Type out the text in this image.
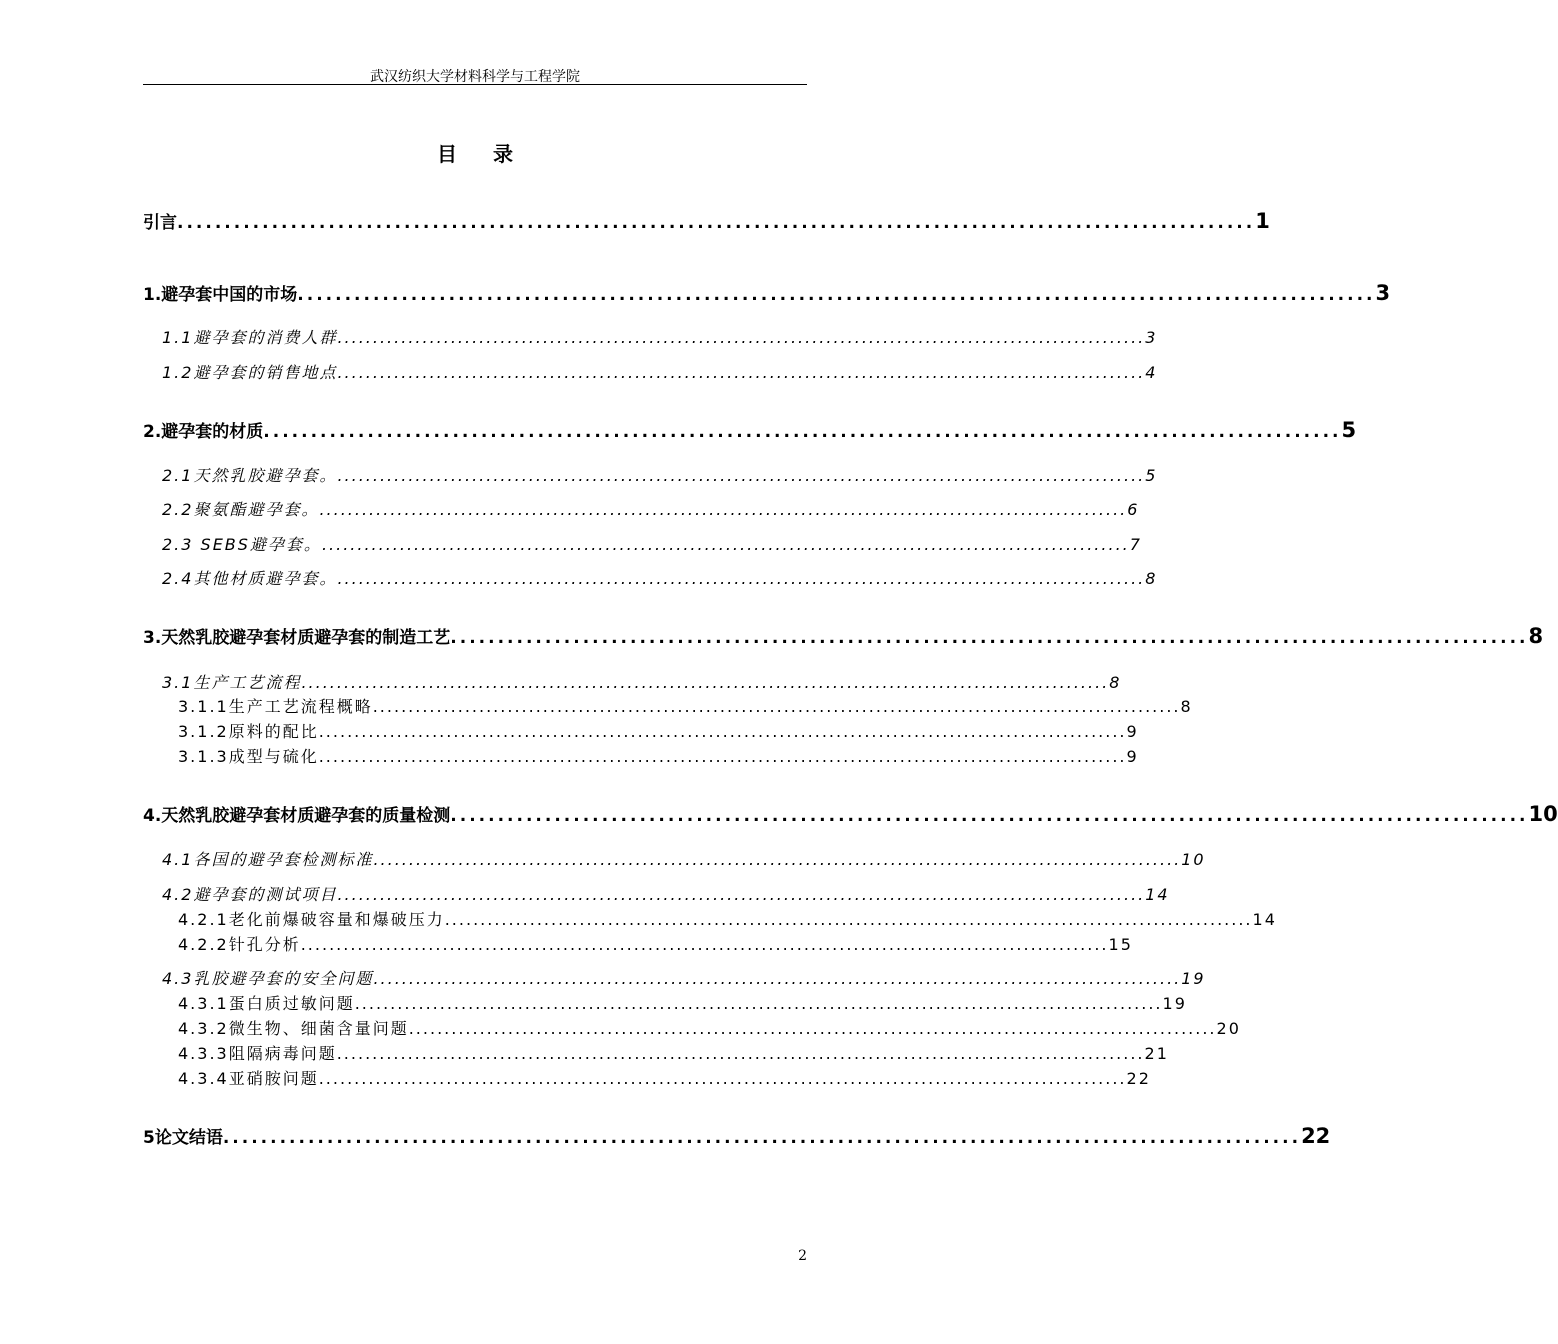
武汉纺织大学材料科学与工程学院
目录
引言 .................................................................................................................. 1
1.避孕套中国的市场 .................................................................................................................. 3
1.1避孕套的消费人群 .................................................................................................................. 3
1.2避孕套的销售地点 .................................................................................................................. 4
2.避孕套的材质 .................................................................................................................. 5
2.1天然乳胶避孕套。 .................................................................................................................. 5
2.2聚氨酯避孕套。 .................................................................................................................. 6
2.3 SEBS避孕套。 .................................................................................................................. 7
2.4其他材质避孕套。 .................................................................................................................. 8
3.天然乳胶避孕套材质避孕套的制造工艺 .................................................................................................................. 8
3.1生产工艺流程 .................................................................................................................. 8
3.1.1生产工艺流程概略 .................................................................................................................. 8
3.1.2原料的配比 .................................................................................................................. 9
3.1.3成型与硫化 .................................................................................................................. 9
4.天然乳胶避孕套材质避孕套的质量检测 .................................................................................................................. 10
4.1各国的避孕套检测标准 .................................................................................................................. 10
4.2避孕套的测试项目 .................................................................................................................. 14
4.2.1老化前爆破容量和爆破压力 .................................................................................................................. 14
4.2.2针孔分析 .................................................................................................................. 15
4.3乳胶避孕套的安全问题 .................................................................................................................. 19
4.3.1蛋白质过敏问题 .................................................................................................................. 19
4.3.2微生物、细菌含量问题 .................................................................................................................. 20
4.3.3阻隔病毒问题 .................................................................................................................. 21
4.3.4亚硝胺问题 .................................................................................................................. 22
5论文结语 .................................................................................................................. 22
2
